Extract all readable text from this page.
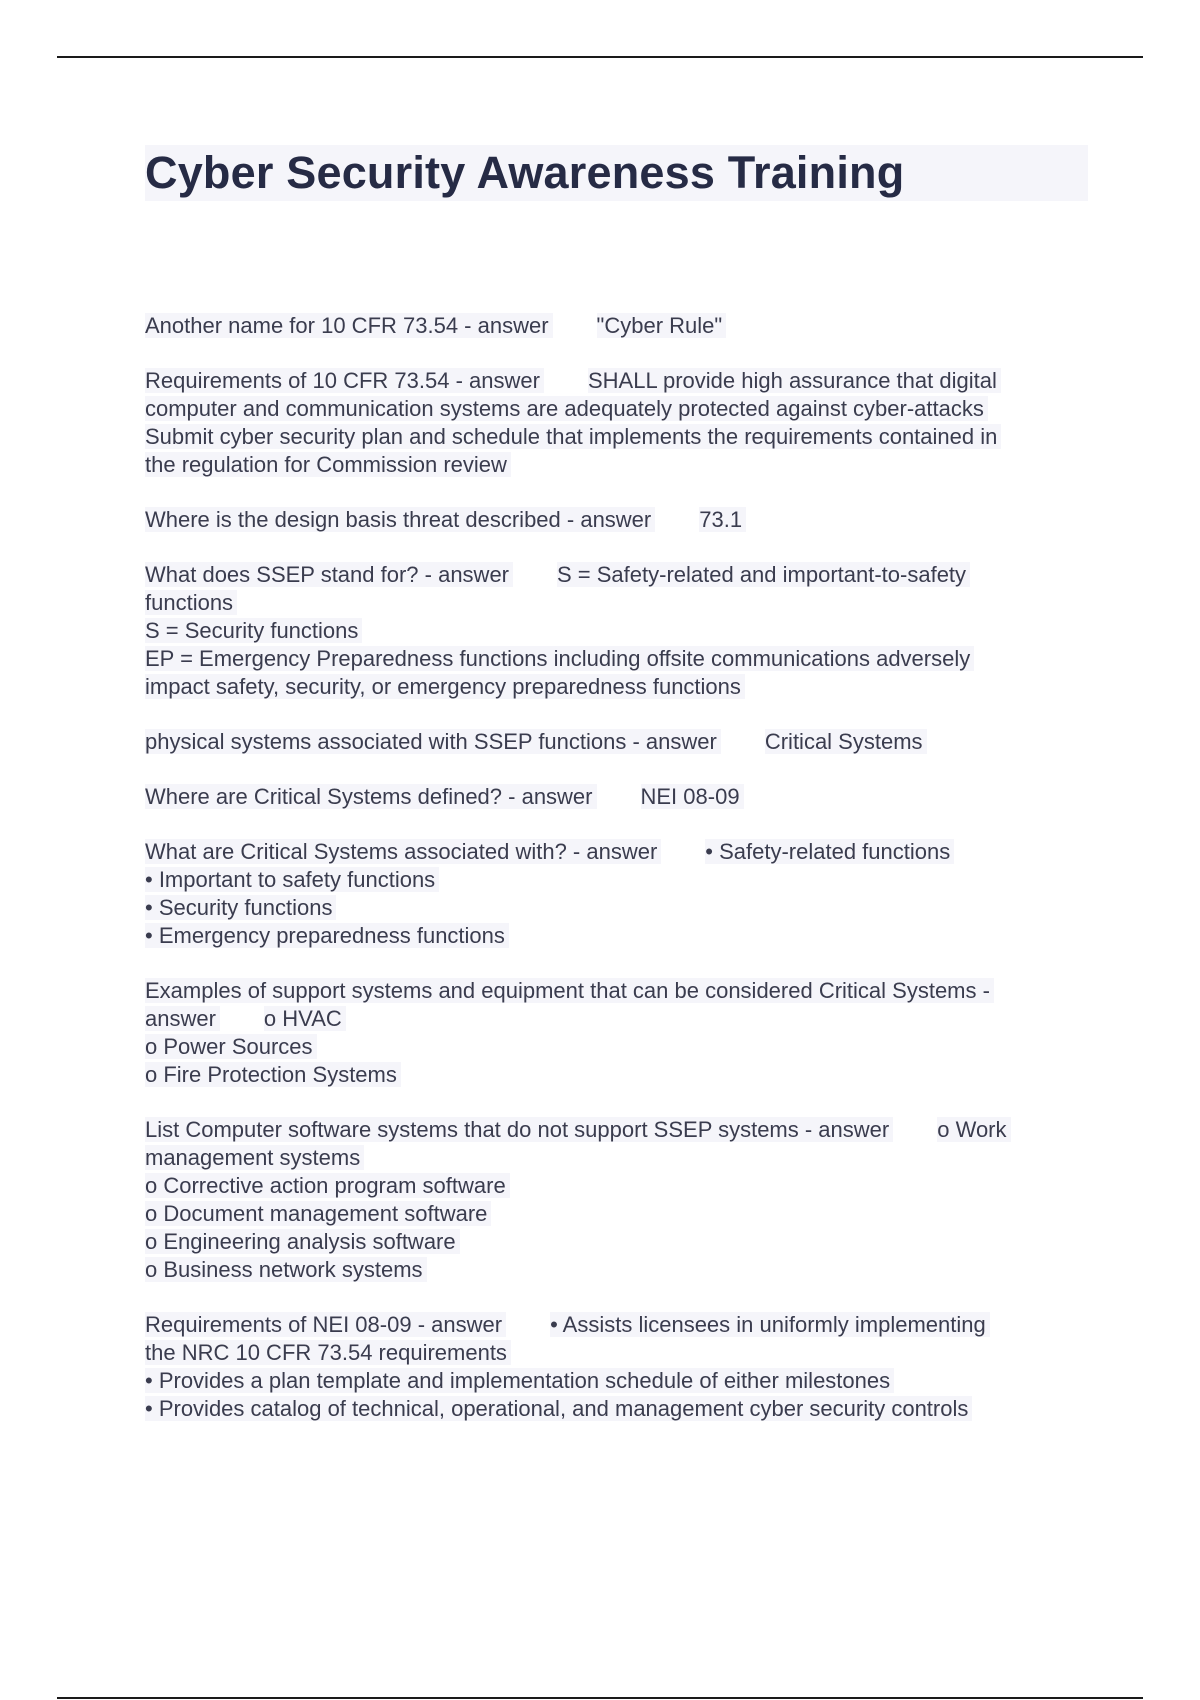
Cyber Security Awareness Training
Another name for 10 CFR 73.54 - answer "Cyber Rule"
Requirements of 10 CFR 73.54 - answer SHALL provide high assurance that digital
computer and communication systems are adequately protected against cyber-attacks
Submit cyber security plan and schedule that implements the requirements contained in
the regulation for Commission review
Where is the design basis threat described - answer 73.1
What does SSEP stand for? - answer S = Safety-related and important-to-safety
functions
S = Security functions
EP = Emergency Preparedness functions including offsite communications adversely
impact safety, security, or emergency preparedness functions
physical systems associated with SSEP functions - answer Critical Systems
Where are Critical Systems defined? - answer NEI 08-09
What are Critical Systems associated with? - answer • Safety-related functions
• Important to safety functions
• Security functions
• Emergency preparedness functions
Examples of support systems and equipment that can be considered Critical Systems -
answer o HVAC
o Power Sources
o Fire Protection Systems
List Computer software systems that do not support SSEP systems - answer o Work
management systems
o Corrective action program software
o Document management software
o Engineering analysis software
o Business network systems
Requirements of NEI 08-09 - answer • Assists licensees in uniformly implementing
the NRC 10 CFR 73.54 requirements
• Provides a plan template and implementation schedule of either milestones
• Provides catalog of technical, operational, and management cyber security controls
